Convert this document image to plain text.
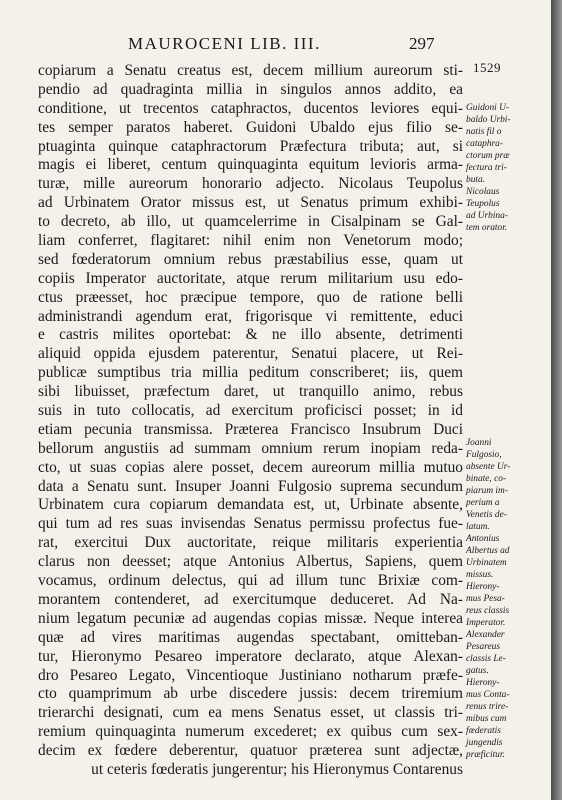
MAUROCENI LIB. III.	297
1529
copiarum a Senatu creatus est, decem millium aureorum sti-
pendio ad quadraginta millia in singulos annos addito, ea
conditione, ut trecentos cataphractos, ducentos leviores equi-
tes semper paratos haberet. Guidoni Ubaldo ejus filio se-
ptuaginta quinque cataphractorum Præfectura tributa; aut, si
magis ei liberet, centum quinquaginta equitum levioris arma-
turæ, mille aureorum honorario adjecto. Nicolaus Teupolus
ad Urbinatem Orator missus est, ut Senatus primum exhibi-
to decreto, ab illo, ut quamcelerrime in Cisalpinam se Gal-
liam conferret, flagitaret: nihil enim non Venetorum modo;
sed fœderatorum omnium rebus præstabilius esse, quam ut
copiis Imperator auctoritate, atque rerum militarium usu edo-
ctus præesset, hoc præcipue tempore, quo de ratione belli
administrandi agendum erat, frigorisque vi remittente, educi
e castris milites oportebat: & ne illo absente, detrimenti
aliquid oppida ejusdem paterentur, Senatui placere, ut Rei-
publicæ sumptibus tria millia peditum conscriberet; iis, quem
sibi libuisset, præfectum daret, ut tranquillo animo, rebus
suis in tuto collocatis, ad exercitum proficisci posset; in id
etiam pecunia transmissa. Præterea Francisco Insubrum Duci
bellorum angustiis ad summam omnium rerum inopiam reda-
cto, ut suas copias alere posset, decem aureorum millia mutuo
data a Senatu sunt. Insuper Joanni Fulgosio suprema secundum
Urbinatem cura copiarum demandata est, ut, Urbinate absente,
qui tum ad res suas invisendas Senatus permissu profectus fue-
rat, exercitui Dux auctoritate, reique militaris experientia
clarus non deesset; atque Antonius Albertus, Sapiens, quem
vocamus, ordinum delectus, qui ad illum tunc Brixiæ com-
morantem contenderet, ad exercitumque deduceret. Ad Na-
nium legatum pecuniæ ad augendas copias missæ. Neque interea
quæ ad vires maritimas augendas spectabant, omitteban-
tur, Hieronymo Pesareo imperatore declarato, atque Alexan-
dro Pesareo Legato, Vincentioque Justiniano notharum præfe-
cto quamprimum ab urbe discedere jussis: decem triremium
trierarchi designati, cum ea mens Senatus esset, ut classis tri-
remium quinquaginta numerum excederet; ex quibus cum sex-
decim ex fœdere deberentur, quatuor præterea sunt adjectæ,
ut ceteris fœderatis jungerentur; his Hieronymus Contarenus
Guidoni U-
baldo Urbi-
natis fil o
cataphra-
ctorum præ
fectura tri-
buta.
Nicolaus
Teupolus
ad Urbina-
tem orator.
Joanni
Fulgosio,
absente Ur-
binate, co-
piarum im-
perium a
Venetis de-
latum.
Antonius
Albertus ad
Urbinatem
missus.
Hierony-
mus Pesa-
reus classis
Imperator.
Alexander
Pesareus
classis Le-
gatus.
Hierony-
mus Conta-
renus trire-
mibus cum
fœderatis
jungendis
præficitur.
